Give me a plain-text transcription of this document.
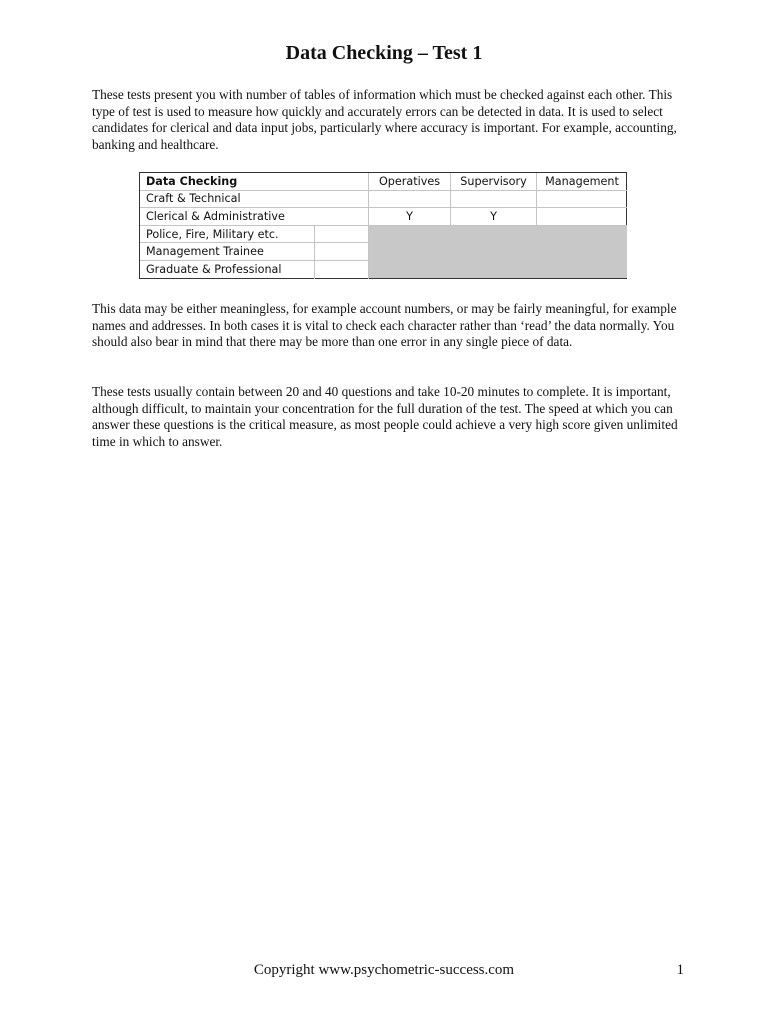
Data Checking – Test 1

These tests present you with number of tables of information which must be checked against each other. This type of test is used to measure how quickly and accurately errors can be detected in data. It is used to select candidates for clerical and data input jobs, particularly where accuracy is important. For example, accounting, banking and healthcare.

Data Checking	Operatives	Supervisory	Management
Craft & Technical
Clerical & Administrative	Y	Y
Police, Fire, Military etc.
Management Trainee
Graduate & Professional

This data may be either meaningless, for example account numbers, or may be fairly meaningful, for example names and addresses. In both cases it is vital to check each character rather than ‘read’ the data normally. You should also bear in mind that there may be more than one error in any single piece of data.

These tests usually contain between 20 and 40 questions and take 10-20 minutes to complete. It is important, although difficult, to maintain your concentration for the full duration of the test. The speed at which you can answer these questions is the critical measure, as most people could achieve a very high score given unlimited time in which to answer.

Copyright www.psychometric-success.com	1
